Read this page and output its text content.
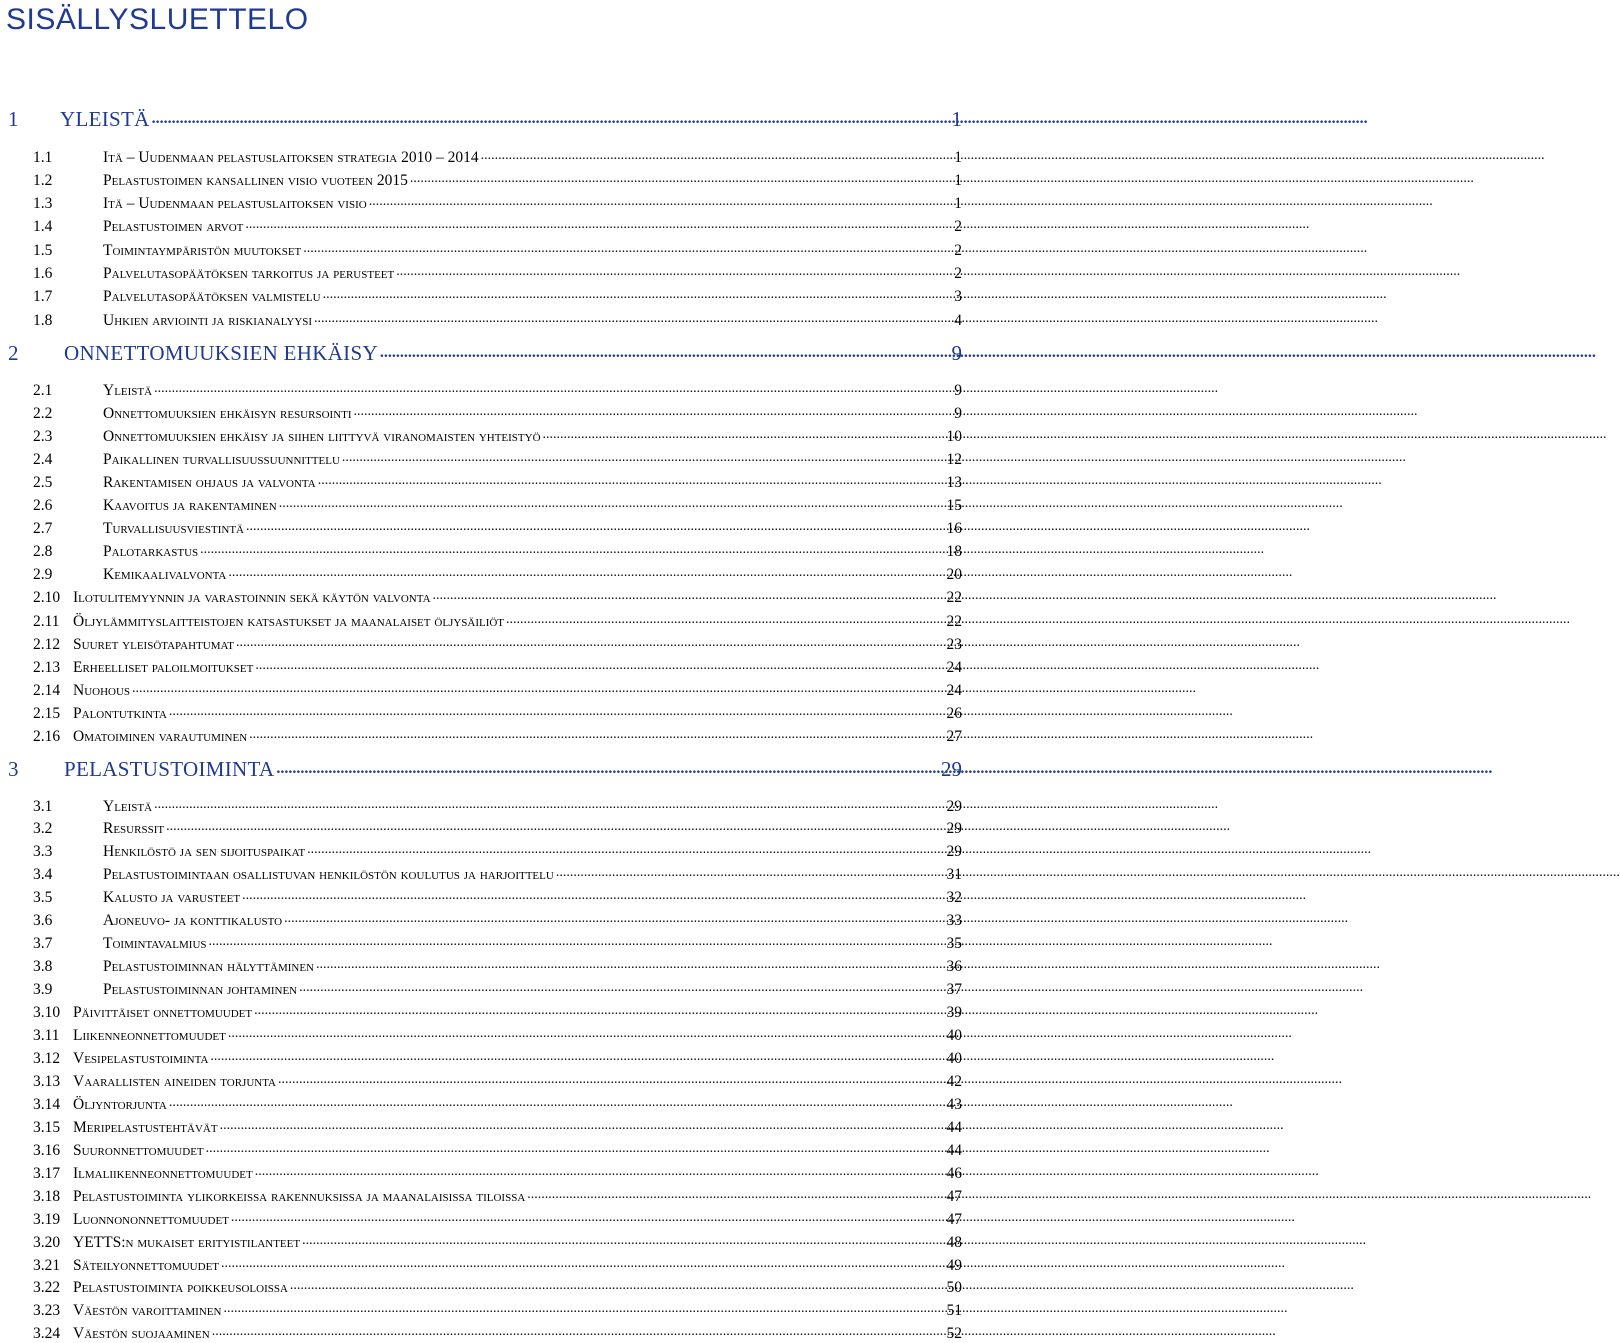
SISÄLLYSLUETTELO
1	YLEISTÄ .....	1
1.1	Itä – Uudenmaan pelastuslaitoksen strategia 2010 – 2014 .....	1
1.2	Pelastustoimen kansallinen visio vuoteen 2015 .....	1
1.3	Itä – Uudenmaan pelastuslaitoksen visio .....	1
1.4	Pelastustoimen arvot .....	2
1.5	Toimintaympäristön muutokset .....	2
1.6	Palvelutasopäätöksen tarkoitus ja perusteet .....	2
1.7	Palvelutasopäätöksen valmistelu .....	3
1.8	Uhkien arviointi ja riskianalyysi .....	4
2	ONNETTOMUUKSIEN EHKÄISY .....	9
2.1	Yleistä .....	9
2.2	Onnettomuuksien ehkäisyn resursointi .....	9
2.3	Onnettomuuksien ehkäisy ja siihen liittyvä viranomaisten yhteistyö .....	10
2.4	Paikallinen turvallisuussuunnittelu .....	12
2.5	Rakentamisen ohjaus ja valvonta .....	13
2.6	Kaavoitus ja rakentaminen .....	15
2.7	Turvallisuusviestintä .....	16
2.8	Palotarkastus .....	18
2.9	Kemikaalivalvonta .....	20
2.10 Ilotulitemyynnin ja varastoinnin sekä käytön valvonta .....	22
2.11 Öljylämmityslaitteistojen katsastukset ja maanalaiset öljysäiliöt .....	22
2.12 Suuret yleisötapahtumat .....	23
2.13 Erheelliset paloilmoitukset .....	24
2.14 Nuohous .....	24
2.15 Palontutkinta .....	26
2.16 Omatoiminen varautuminen .....	27
3	PELASTUSTOIMINTA .....	29
3.1	Yleistä .....	29
3.2	Resurssit .....	29
3.3	Henkilöstö ja sen sijoituspaikat .....	29
3.4	Pelastustoimintaan osallistuvan henkilöstön koulutus ja harjoittelu .....	31
3.5	Kalusto ja varusteet .....	32
3.6	Ajoneuvo- ja konttikalusto .....	33
3.7	Toimintavalmius .....	35
3.8	Pelastustoiminnan hälyttäminen .....	36
3.9	Pelastustoiminnan johtaminen .....	37
3.10 Päivittäiset onnettomuudet .....	39
3.11 Liikenneonnettomuudet .....	40
3.12 Vesipelastustoiminta .....	40
3.13 Vaarallisten aineiden torjunta .....	42
3.14 Öljyntorjunta .....	43
3.15 Meripelastustehtävät .....	44
3.16 Suuronnettomuudet .....	44
3.17 Ilmaliikenneonnettomuudet .....	46
3.18 Pelastustoiminta ylikorkeissa rakennuksissa ja maanalaisissa tiloissa .....	47
3.19 Luonnononnettomuudet .....	47
3.20 YETTS:n mukaiset erityistilanteet .....	48
3.21 Säteilyonnettomuudet .....	49
3.22 Pelastustoiminta poikkeusoloissa .....	50
3.23 Väestön varoittaminen .....	51
3.24 Väestön suojaaminen .....	52
